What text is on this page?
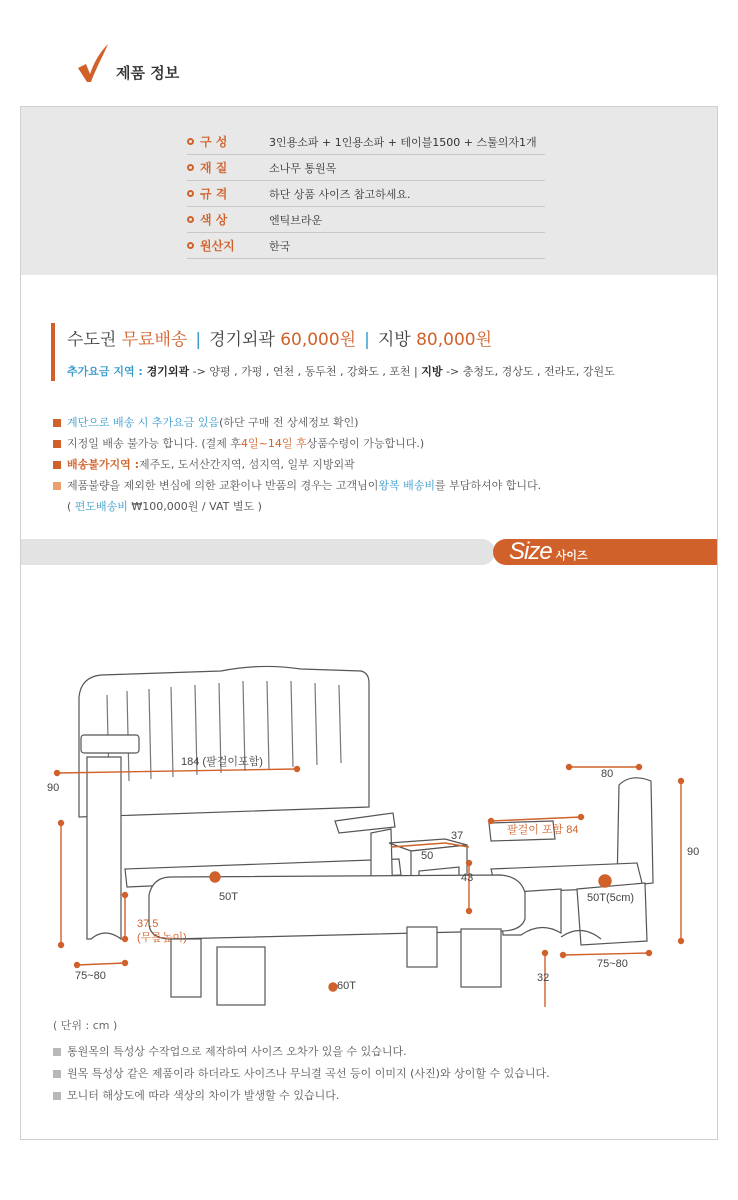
제품 정보
구 성	3인용소파 + 1인용소파 + 테이블1500 + 스툴의자1개
재 질	소나무 통원목
규 격	하단 상품 사이즈 참고하세요.
색 상	엔틱브라운
원산지	한국
수도권 무료배송 | 경기외곽 60,000원 | 지방 80,000원
추가요금 지역 : 경기외곽 -> 양평 , 가평 , 연천 , 동두천 , 강화도 , 포천 | 지방 -> 충청도, 경상도 , 전라도, 강원도
계단으로 배송 시 추가요금 있음 (하단 구매 전 상세정보 확인)
지정일 배송 불가능 합니다. (결제 후 4일~14일 후 상품수령이 가능합니다.)
배송불가지역 : 제주도, 도서산간지역, 섬지역, 일부 지방외곽
제품불량을 제외한 변심에 의한 교환이나 반품의 경우는 고객님이 왕복 배송비 를 부담하셔야 합니다.
( 편도배송비 ₩100,000원 / VAT 별도 )
Size 사이즈
184 (팔걸이포함)
90
75~80
50T
37.5
(무릎높이)
50
37
43
80
90
75~80
팔걸이 포함 84
50T(5cm)
60T
32
( 단위 : cm )
통원목의 특성상 수작업으로 제작하여 사이즈 오차가 있을 수 있습니다.
원목 특성상 같은 제품이라 하더라도 사이즈나 무늬결 곡선 등이 이미지 (사진)와 상이할 수 있습니다.
모니터 해상도에 따라 색상의 차이가 발생할 수 있습니다.
